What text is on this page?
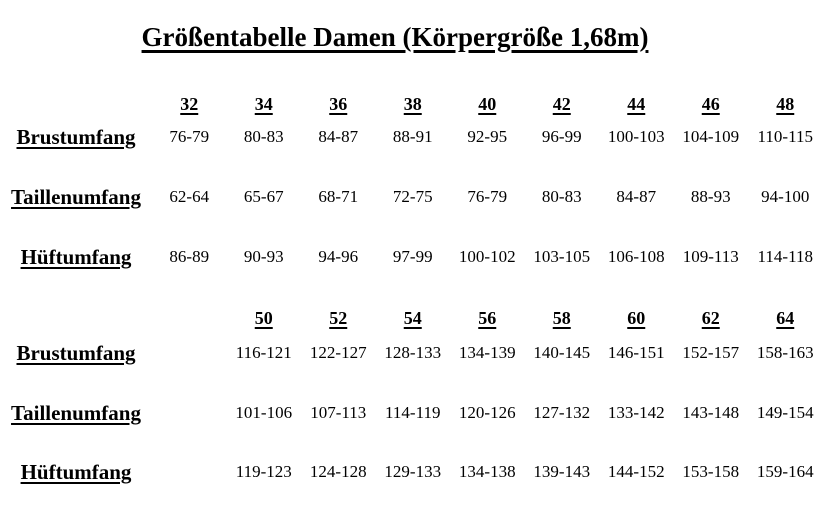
Größentabelle Damen (Körpergröße 1,68m)
32	34	36	38	40	42	44	46	48
Brustumfang	76-79	80-83	84-87	88-91	92-95	96-99	100-103	104-109	110-115
Taillenumfang	62-64	65-67	68-71	72-75	76-79	80-83	84-87	88-93	94-100
Hüftumfang	86-89	90-93	94-96	97-99	100-102	103-105	106-108	109-113	114-118
50	52	54	56	58	60	62	64
Brustumfang	116-121	122-127	128-133	134-139	140-145	146-151	152-157	158-163
Taillenumfang	101-106	107-113	114-119	120-126	127-132	133-142	143-148	149-154
Hüftumfang	119-123	124-128	129-133	134-138	139-143	144-152	153-158	159-164
